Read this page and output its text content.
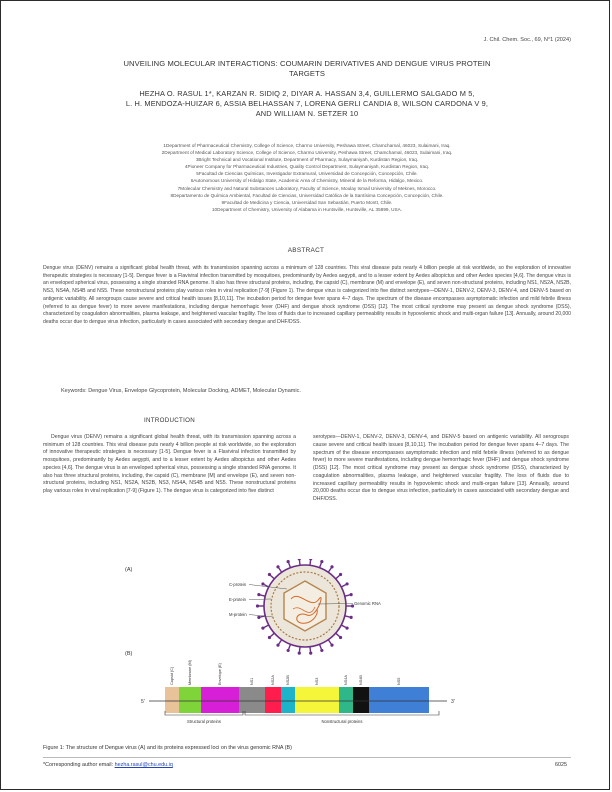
J. Chil. Chem. Soc., 69, N°1 (2024)
UNVEILING MOLECULAR INTERACTIONS: COUMARIN DERIVATIVES AND DENGUE VIRUS PROTEIN
TARGETS
HEZHA O. RASUL 1*, KARZAN R. SIDIQ 2, DIYAR A. HASSAN 3,4, GUILLERMO SALGADO M 5,
L. H. MENDOZA-HUIZAR 6, ASSIA BELHASSAN 7, LORENA GERLI CANDIA 8, WILSON CARDONA V 9,
AND WILLIAM N. SETZER 10
1Department of Pharmaceutical Chemistry, College of Science, Charmo University, Peshawa Street, Chamchamal, 46023, Sulaimani, Iraq.
2Department of Medical Laboratory Science, College of Science, Charmo University, Peshawa Street, Chamchamal, 46023, Sulaimani, Iraq.
3Bright Technical and Vocational Institute, Department of Pharmacy, Sulaymaniyah, Kurdistan Region, Iraq.
4Pioneer Company for Pharmaceutical Industries, Quality Control Department, Sulaymaniyah, Kurdistan Region, Iraq.
5Facultad de Ciencias Químicas, Investigador Extramural, Universidad de Concepción, Concepción, Chile.
6Autonomous University of Hidalgo State, Academic Area of Chemistry, Mineral de la Reforma, Hidalgo, Mexico.
7Molecular Chemistry and Natural Substances Laboratory, Faculty of Science, Moulay Ismail University of Meknes, Morocco.
8Departamento de Química Ambiental, Facultad de Ciencias, Universidad Católica de la Santísima Concepción, Concepción, Chile.
9Facultad de Medicina y Ciencia, Universidad San Sebastián, Puerto Montt, Chile.
10Department of Chemistry, University of Alabama in Huntsville, Huntsville, AL 35899, USA.
ABSTRACT
Dengue virus (DENV) remains a significant global health threat, with its transmission spanning across a minimum of 128 countries. This viral disease puts nearly 4 billion people at risk worldwide, so the exploration of innovative therapeutic strategies is necessary [1-5]. Dengue fever is a Flaviviral infection transmitted by mosquitoes, predominantly by Aedes aegypti, and to a lesser extent by Aedes albopictus and other Aedes species [4,6]. The dengue virus is an enveloped spherical virus, possessing a single stranded RNA genome. It also has three structural proteins, including, the capsid (C), membrane (M) and envelope (E), and seven non-structural proteins, including NS1, NS2A, NS2B, NS3, NS4A, NS4B and NS5. These nonstructural proteins play various roles in viral replication [7-9] (Figure 1). The dengue virus is categorized into five distinct serotypes—DENV-1, DENV-2, DENV-3, DENV-4, and DENV-5 based on antigenic variability. All serogroups cause severe and critical health issues [8,10,11]. The incubation period for dengue fever spans 4–7 days. The spectrum of the disease encompasses asymptomatic infection and mild febrile illness (referred to as dengue fever) to more severe manifestations, including dengue hemorrhagic fever (DHF) and dengue shock syndrome (DSS) [12]. The most critical syndrome may present as dengue shock syndrome (DSS), characterized by coagulation abnormalities, plasma leakage, and heightened vascular fragility. The loss of fluids due to increased capillary permeability results in hypovolemic shock and multi-organ failure [13]. Annually, around 20,000 deaths occur due to dengue virus infection, particularly in cases associated with secondary dengue and DHF/DSS.
Keywords: Dengue Virus, Envelope Glycoprotein, Molecular Docking, ADMET, Molecular Dynamic.
INTRODUCTION

Dengue virus (DENV) remains a significant global health threat, with its transmission spanning across a minimum of 128 countries. This viral disease puts nearly 4 billion people at risk worldwide, so the exploration of innovative therapeutic strategies is necessary [1-5]. Dengue fever is a Flaviviral infection transmitted by mosquitoes, predominantly by Aedes aegypti, and to a lesser extent by Aedes albopictus and other Aedes species [4,6]. The dengue virus is an enveloped spherical virus, possessing a single stranded RNA genome. It also has three structural proteins, including, the capsid (C), membrane (M) and envelope (E), and seven non-structural proteins, including NS1, NS2A, NS2B, NS3, NS4A, NS4B and NS5. These nonstructural proteins play various roles in viral replication [7-9] (Figure 1). The dengue virus is categorized into five distinct

serotypes—DENV-1, DENV-2, DENV-3, DENV-4, and DENV-5 based on antigenic variability. All serogroups cause severe and critical health issues [8,10,11]. The incubation period for dengue fever spans 4–7 days. The spectrum of the disease encompasses asymptomatic infection and mild febrile illness (referred to as dengue fever) to more severe manifestations, including dengue hemorrhagic fever (DHF) and dengue shock syndrome (DSS) [12]. The most critical syndrome may present as dengue shock syndrome (DSS), characterized by coagulation abnormalities, plasma leakage, and heightened vascular fragility. The loss of fluids due to increased capillary permeability results in hypovolemic shock and multi-organ failure [13]. Annually, around 20,000 deaths occur due to dengue virus infection, particularly in cases associated with secondary dengue and DHF/DSS.

(A)
C-protein
E-protein
M-protein
Genomic RNA
(B)
Capsid (C)	Membrane (M)	Envelope (E)	NS1	NS2A	NS2B	NS3	NS4A	NS4B	NS5
5'	3'
Structural proteins	Nonstructural proteins
Figure 1: The structure of Dengue virus (A) and its proteins expressed loci on the virus genomic RNA (B)
*Corresponding author email: hezha.rasul@chu.edu.iq	6025
